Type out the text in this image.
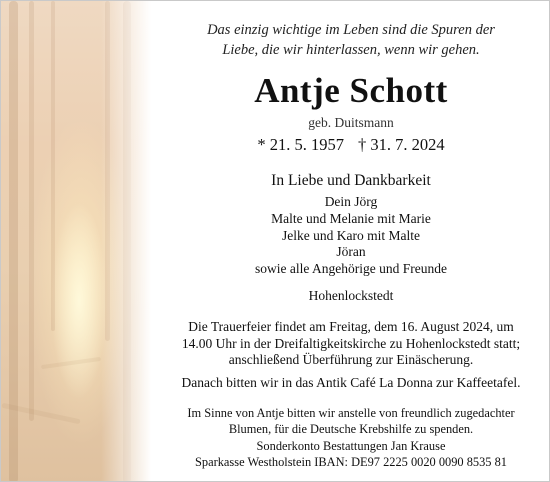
Das einzig wichtige im Leben sind die Spuren der
Liebe, die wir hinterlassen, wenn wir gehen.
Antje Schott
geb. Duitsmann
* 21. 5. 1957 † 31. 7. 2024
In Liebe und Dankbarkeit
Dein Jörg
Malte und Melanie mit Marie
Jelke und Karo mit Malte
Jöran
sowie alle Angehörige und Freunde
Hohenlockstedt
Die Trauerfeier findet am Freitag, dem 16. August 2024, um
14.00 Uhr in der Dreifaltigkeitskirche zu Hohenlockstedt statt;
anschließend Überführung zur Einäscherung.
Danach bitten wir in das Antik Café La Donna zur Kaffeetafel.
Im Sinne von Antje bitten wir anstelle von freundlich zugedachter
Blumen, für die Deutsche Krebshilfe zu spenden.
Sonderkonto Bestattungen Jan Krause
Sparkasse Westholstein IBAN: DE97 2225 0020 0090 8535 81
